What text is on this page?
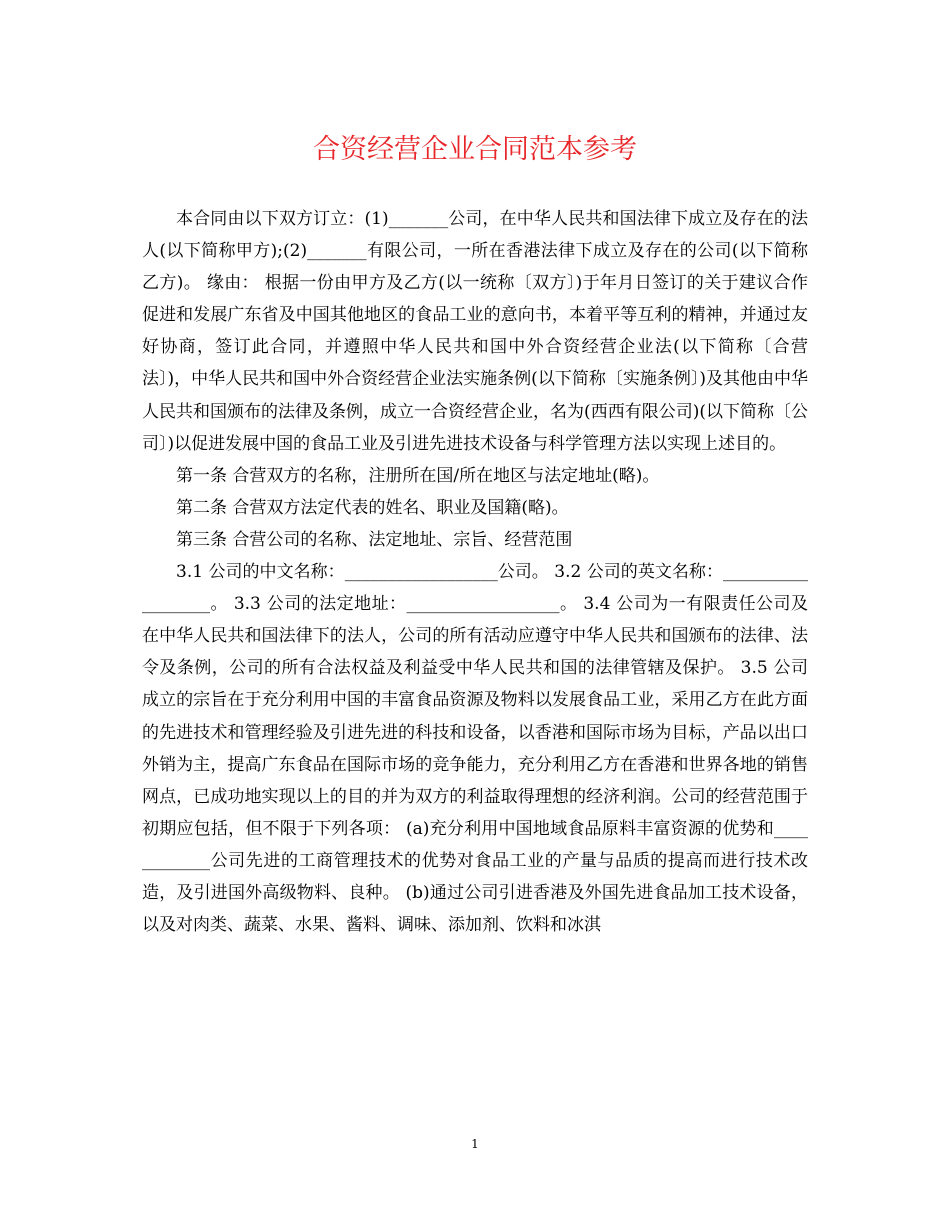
合资经营企业合同范本参考

本合同由以下双方订立：(1)_______公司，在中华人民共和国法律下成立及存在的法人(以下简称甲方);(2)_______有限公司，一所在香港法律下成立及存在的公司(以下简称乙方)。 缘由： 根据一份由甲方及乙方(以一统称〔双方〕)于年月日签订的关于建议合作促进和发展广东省及中国其他地区的食品工业的意向书，本着平等互利的精神，并通过友好协商，签订此合同，并遵照中华人民共和国中外合资经营企业法(以下简称〔合营法〕)，中华人民共和国中外合资经营企业法实施条例(以下简称〔实施条例〕)及其他由中华人民共和国颁布的法律及条例，成立一合资经营企业，名为(西西有限公司)(以下简称〔公司〕)以促进发展中国的食品工业及引进先进技术设备与科学管理方法以实现上述目的。

第一条 合营双方的名称，注册所在国/所在地区与法定地址(略)。

第二条 合营双方法定代表的姓名、职业及国籍(略)。

第三条 合营公司的名称、法定地址、宗旨、经营范围

3.1 公司的中文名称：__________________公司。 3.2 公司的英文名称：__________________。 3.3 公司的法定地址：__________________。 3.4 公司为一有限责任公司及在中华人民共和国法律下的法人，公司的所有活动应遵守中华人民共和国颁布的法律、法令及条例，公司的所有合法权益及利益受中华人民共和国的法律管辖及保护。 3.5 公司成立的宗旨在于充分利用中国的丰富食品资源及物料以发展食品工业，采用乙方在此方面的先进技术和管理经验及引进先进的科技和设备，以香港和国际市场为目标，产品以出口外销为主，提高广东食品在国际市场的竞争能力，充分利用乙方在香港和世界各地的销售网点，已成功地实现以上的目的并为双方的利益取得理想的经济利润。公司的经营范围于初期应包括，但不限于下列各项： (a)充分利用中国地域食品原料丰富资源的优势和____________公司先进的工商管理技术的优势对食品工业的产量与品质的提高而进行技术改造，及引进国外高级物料、良种。 (b)通过公司引进香港及外国先进食品加工技术设备，以及对肉类、蔬菜、水果、酱料、调味、添加剂、饮料和冰淇

1
